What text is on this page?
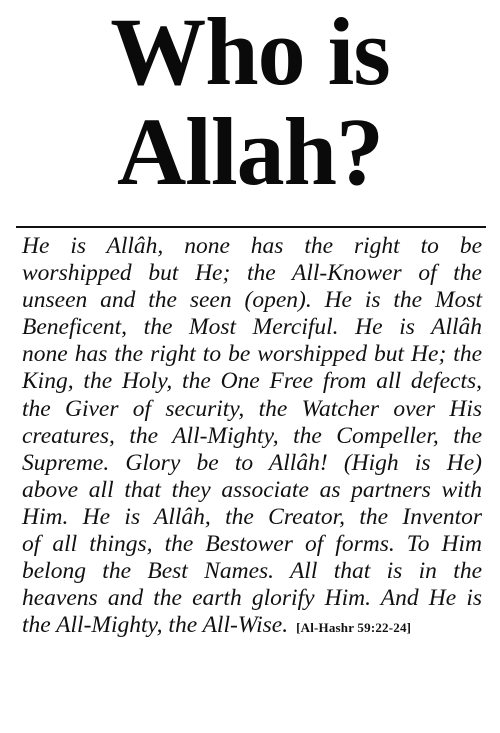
Who is
Allah?
He is Allâh, none has the right to be
worshipped but He; the All-Knower of the
unseen and the seen (open). He is the Most
Beneficent, the Most Merciful. He is Allâh
none has the right to be worshipped but He; the
King, the Holy, the One Free from all defects,
the Giver of security, the Watcher over His
creatures, the All-Mighty, the Compeller, the
Supreme. Glory be to Allâh! (High is He)
above all that they associate as partners with
Him. He is Allâh, the Creator, the Inventor
of all things, the Bestower of forms. To Him
belong the Best Names. All that is in the
heavens and the earth glorify Him. And He is
the All-Mighty, the All-Wise. [Al-Hashr 59:22-24]
